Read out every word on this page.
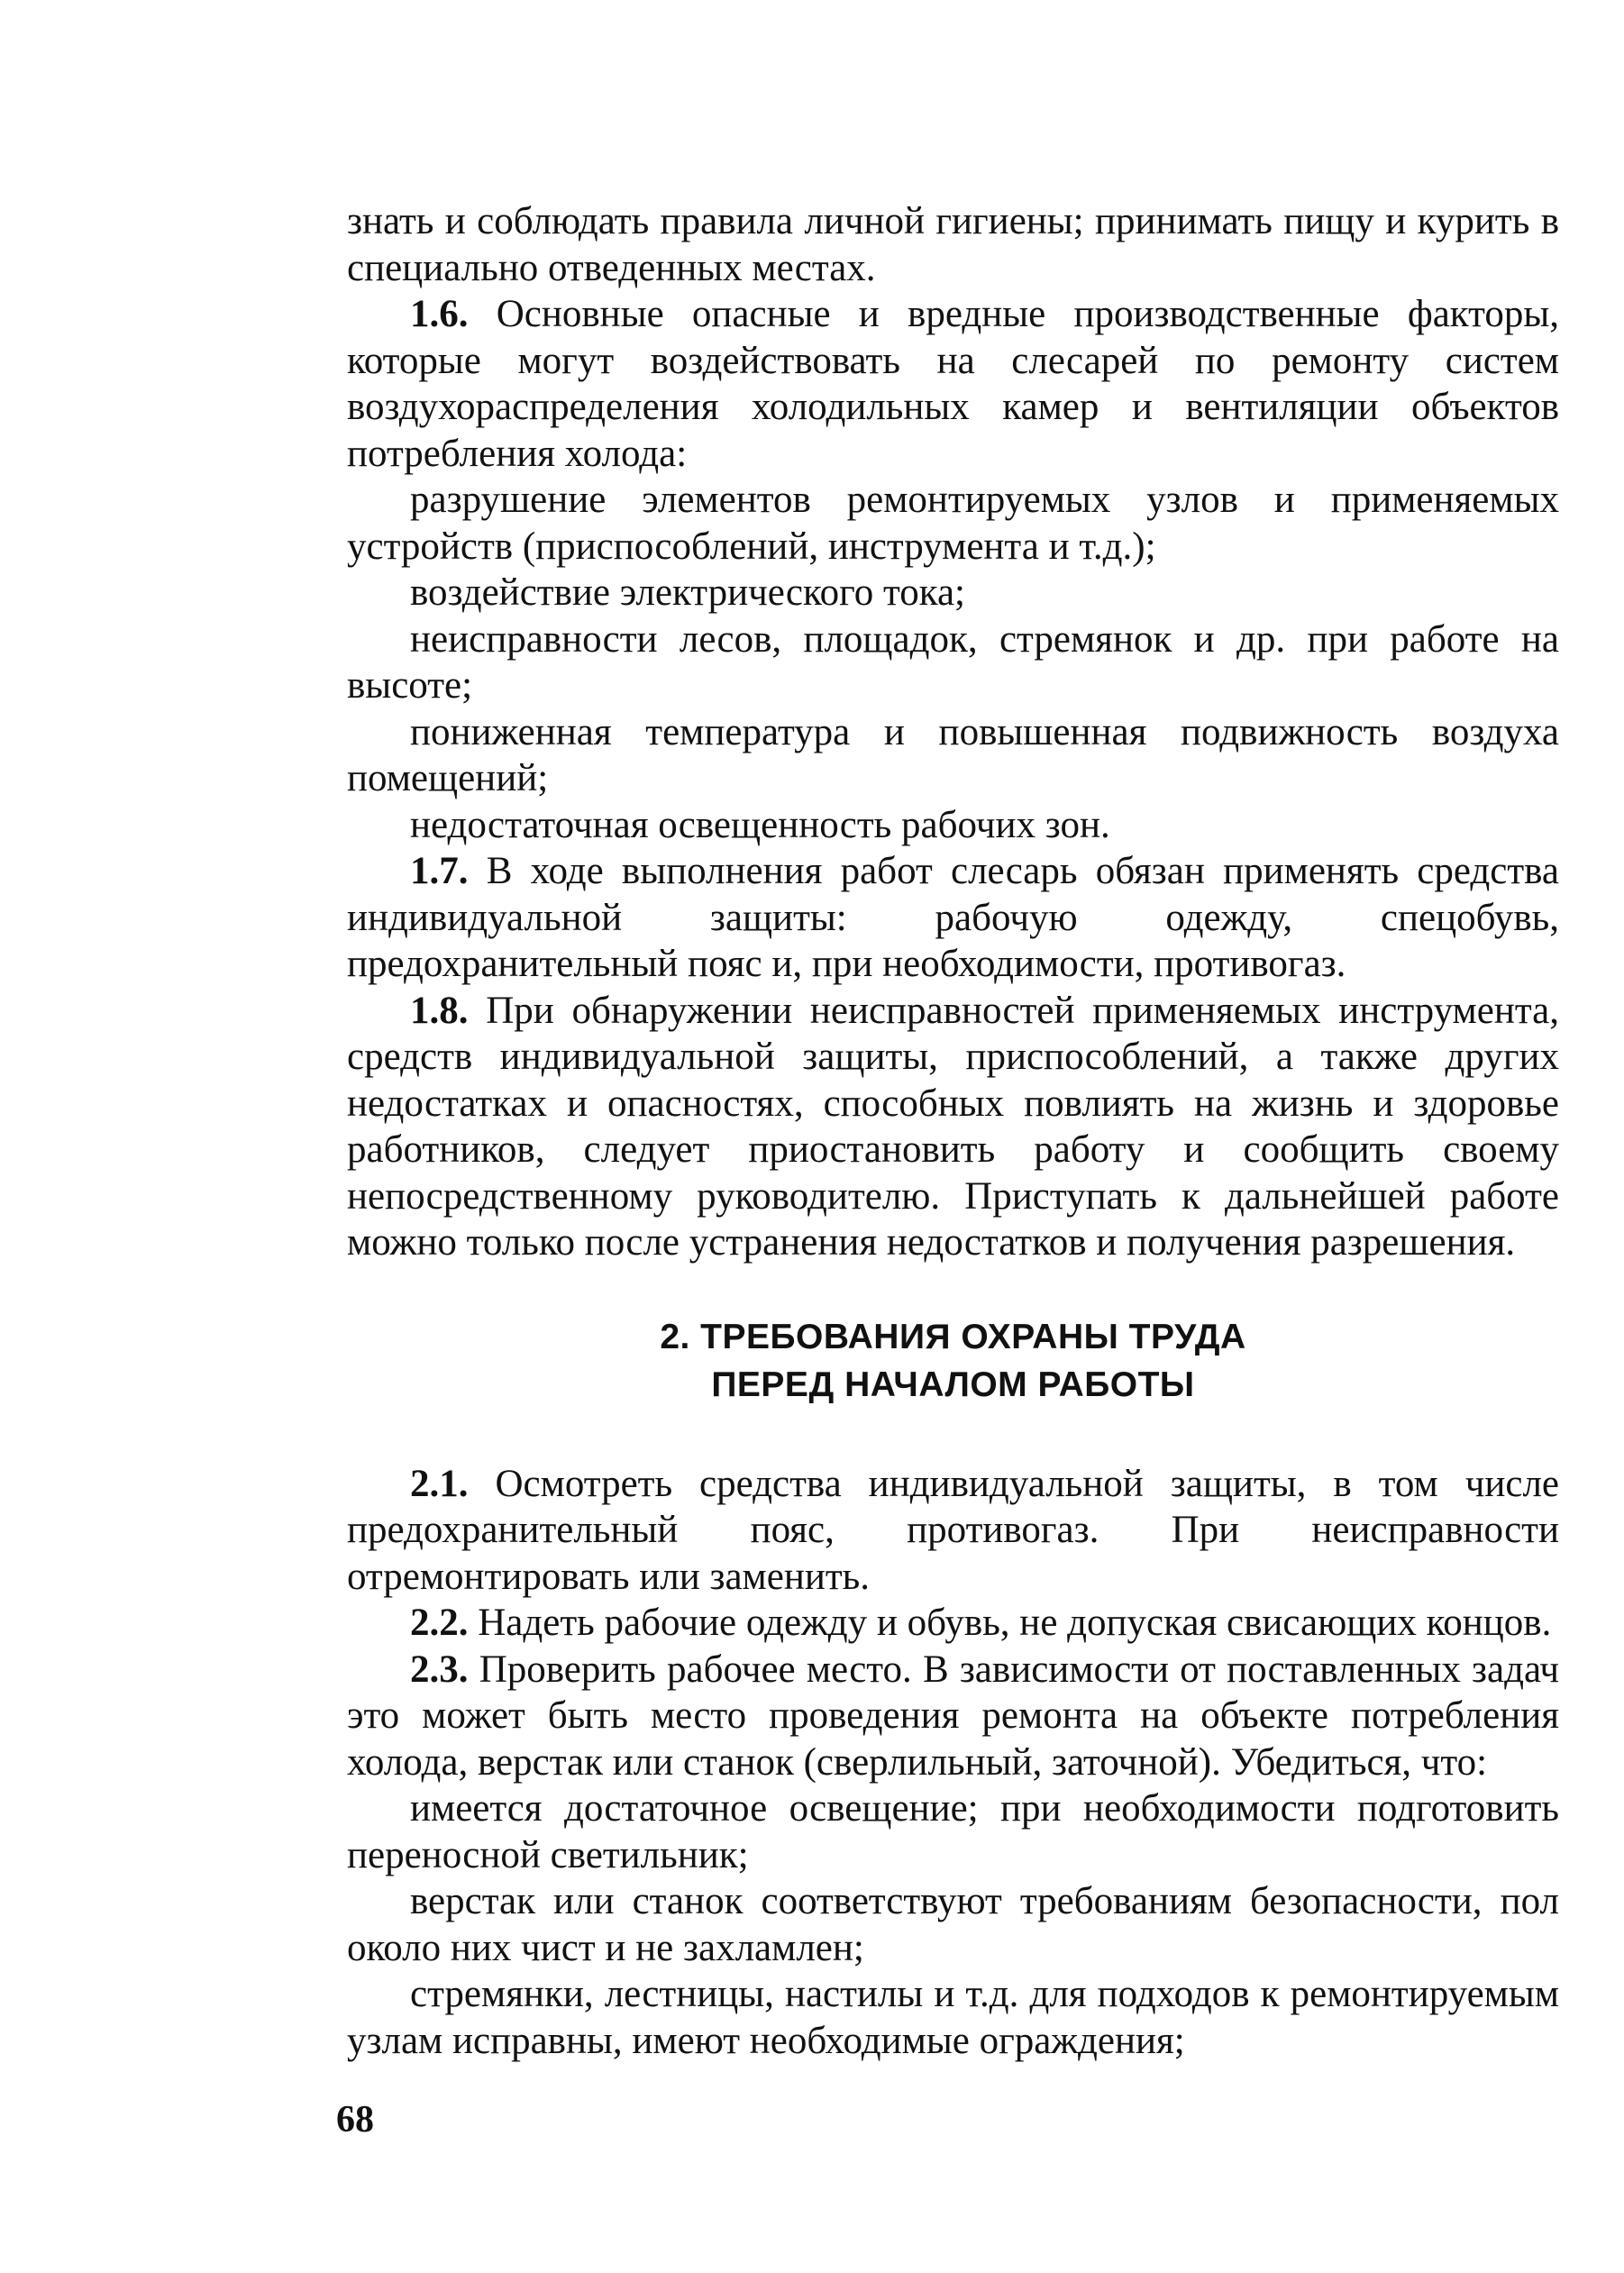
знать и соблюдать правила личной гигиены; принимать пищу и курить в специально отведенных местах.

1.6. Основные опасные и вредные производственные факторы, которые могут воздействовать на слесарей по ремонту систем воздухораспределения холодильных камер и вентиляции объектов потребления холода:

разрушение элементов ремонтируемых узлов и применяемых устройств (приспособлений, инструмента и т.д.);

воздействие электрического тока;

неисправности лесов, площадок, стремянок и др. при работе на высоте;

пониженная температура и повышенная подвижность воздуха помещений;

недостаточная освещенность рабочих зон.

1.7. В ходе выполнения работ слесарь обязан применять средства индивидуальной защиты: рабочую одежду, спецобувь, предохранительный пояс и, при необходимости, противогаз.

1.8. При обнаружении неисправностей применяемых инструмента, средств индивидуальной защиты, приспособлений, а также других недостатках и опасностях, способных повлиять на жизнь и здоровье работников, следует приостановить работу и сообщить своему непосредственному руководителю. Приступать к дальнейшей работе можно только после устранения недостатков и получения разрешения.

2. ТРЕБОВАНИЯ ОХРАНЫ ТРУДА
ПЕРЕД НАЧАЛОМ РАБОТЫ

2.1. Осмотреть средства индивидуальной защиты, в том числе предохранительный пояс, противогаз. При неисправности отремонтировать или заменить.

2.2. Надеть рабочие одежду и обувь, не допуская свисающих концов.

2.3. Проверить рабочее место. В зависимости от поставленных задач это может быть место проведения ремонта на объекте потребления холода, верстак или станок (сверлильный, заточной). Убедиться, что:

имеется достаточное освещение; при необходимости подготовить переносной светильник;

верстак или станок соответствуют требованиям безопасности, пол около них чист и не захламлен;

стремянки, лестницы, настилы и т.д. для подходов к ремонтируемым узлам исправны, имеют необходимые ограждения;

68
